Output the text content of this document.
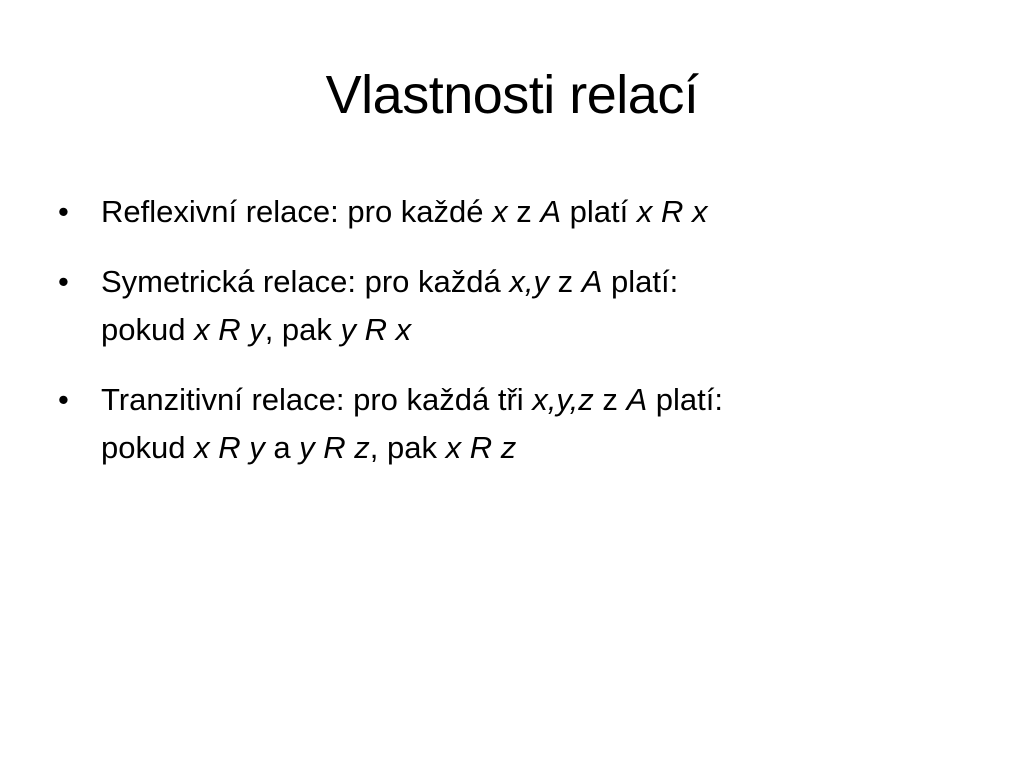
Vlastnosti relací
• Reflexivní relace: pro každé x z A platí x R x
• Symetrická relace: pro každá x,y z A platí:
pokud x R y, pak y R x
• Tranzitivní relace: pro každá tři x,y,z z A platí:
pokud x R y a y R z, pak x R z
